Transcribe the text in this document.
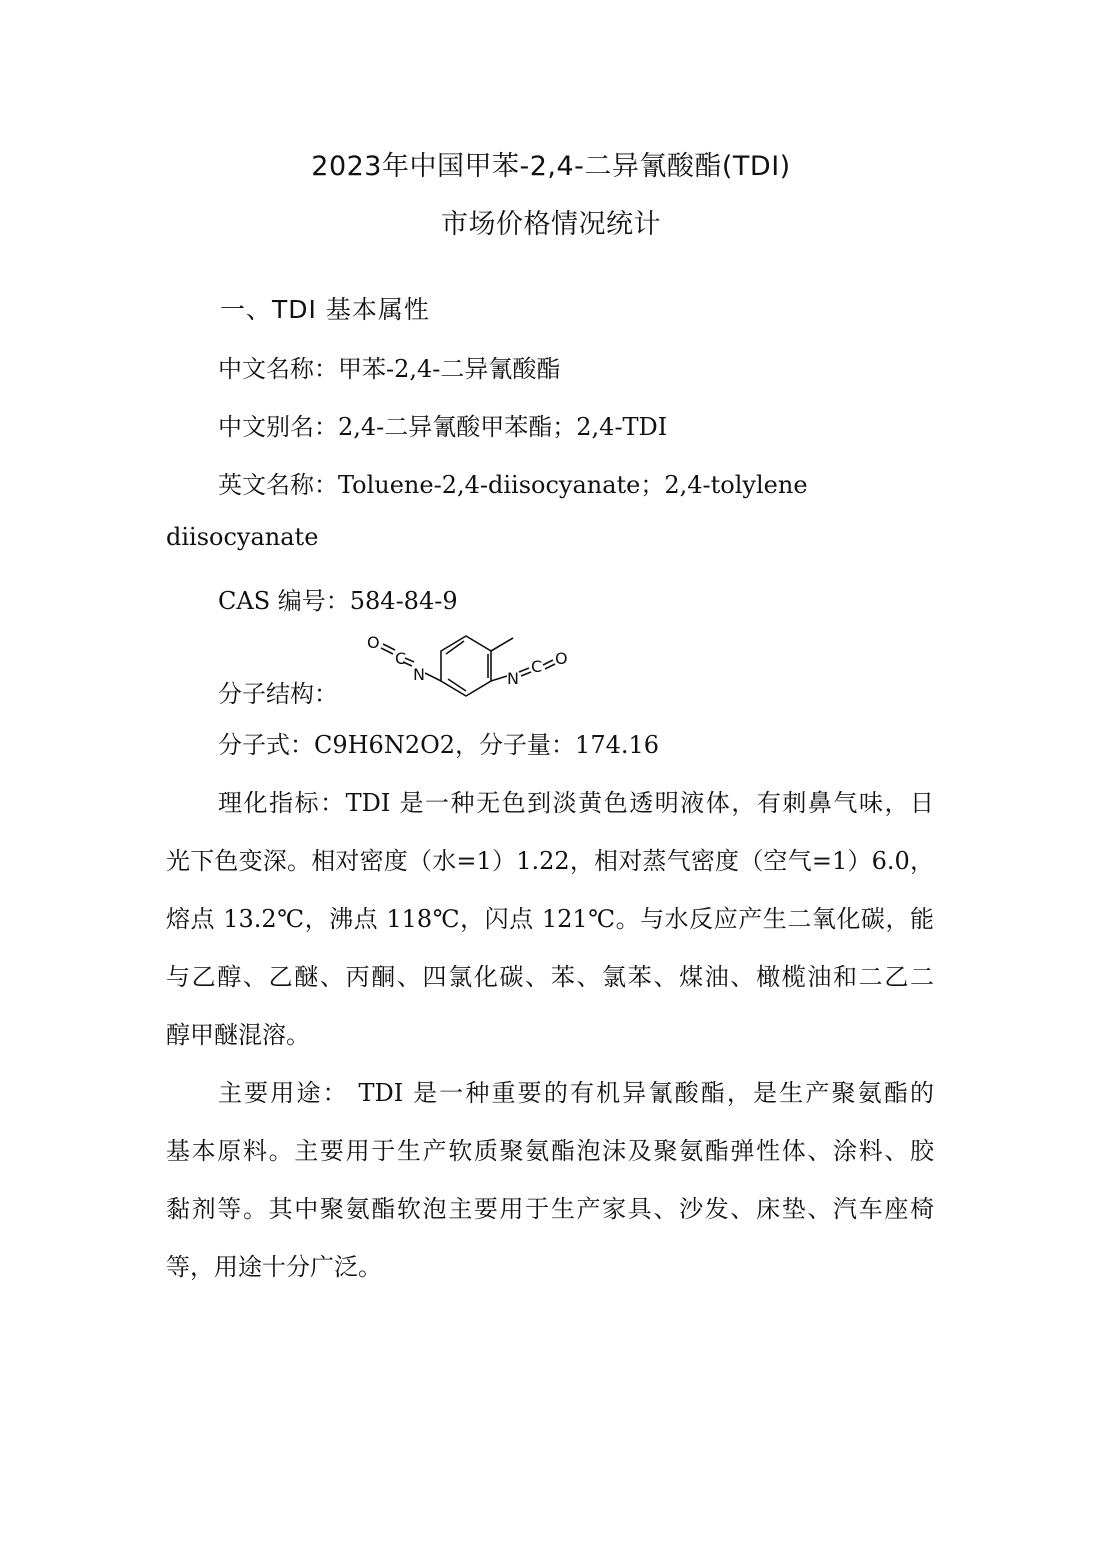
2023年中国甲苯-2,4-二异氰酸酯(TDI)
市场价格情况统计
一、TDI 基本属性

中文名称：甲苯-2,4-二异氰酸酯

中文别名：2,4-二异氰酸甲苯酯；2,4-TDI

英文名称：Toluene-2,4-diisocyanate；2,4-tolylene

diisocyanate

CAS 编号：584-84-9

分子结构：
O
C
N	N
C O

分子式：C9H6N2O2，分子量：174.16

理化指标：TDI 是一种无色到淡黄色透明液体，有刺鼻气味，日

光下色变深。相对密度（水=1）1.22，相对蒸气密度（空气=1）6.0，

熔点 13.2℃，沸点 118℃，闪点 121℃。与水反应产生二氧化碳，能

与乙醇、乙醚、丙酮、四氯化碳、苯、氯苯、煤油、橄榄油和二乙二

醇甲醚混溶。

主要用途： TDI 是一种重要的有机异氰酸酯，是生产聚氨酯的

基本原料。主要用于生产软质聚氨酯泡沫及聚氨酯弹性体、涂料、胶

黏剂等。其中聚氨酯软泡主要用于生产家具、沙发、床垫、汽车座椅

等，用途十分广泛。
